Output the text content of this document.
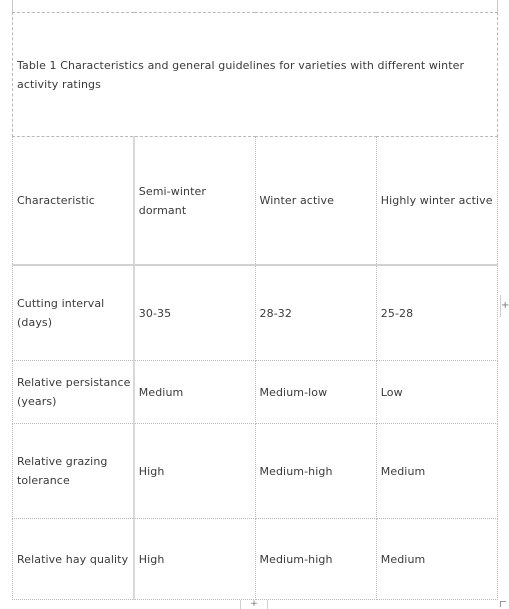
Table 1 Characteristics and general guidelines for varieties with different winter activity ratings			
Characteristic	Semi-winter dormant	Winter active	Highly winter active
Cutting interval (days)	30-35	28-32	25-28
Relative persistance (years)	Medium	Medium-low	Low
Relative grazing tolerance	High	Medium-high	Medium
Relative hay quality	High	Medium-high	Medium
+
+
